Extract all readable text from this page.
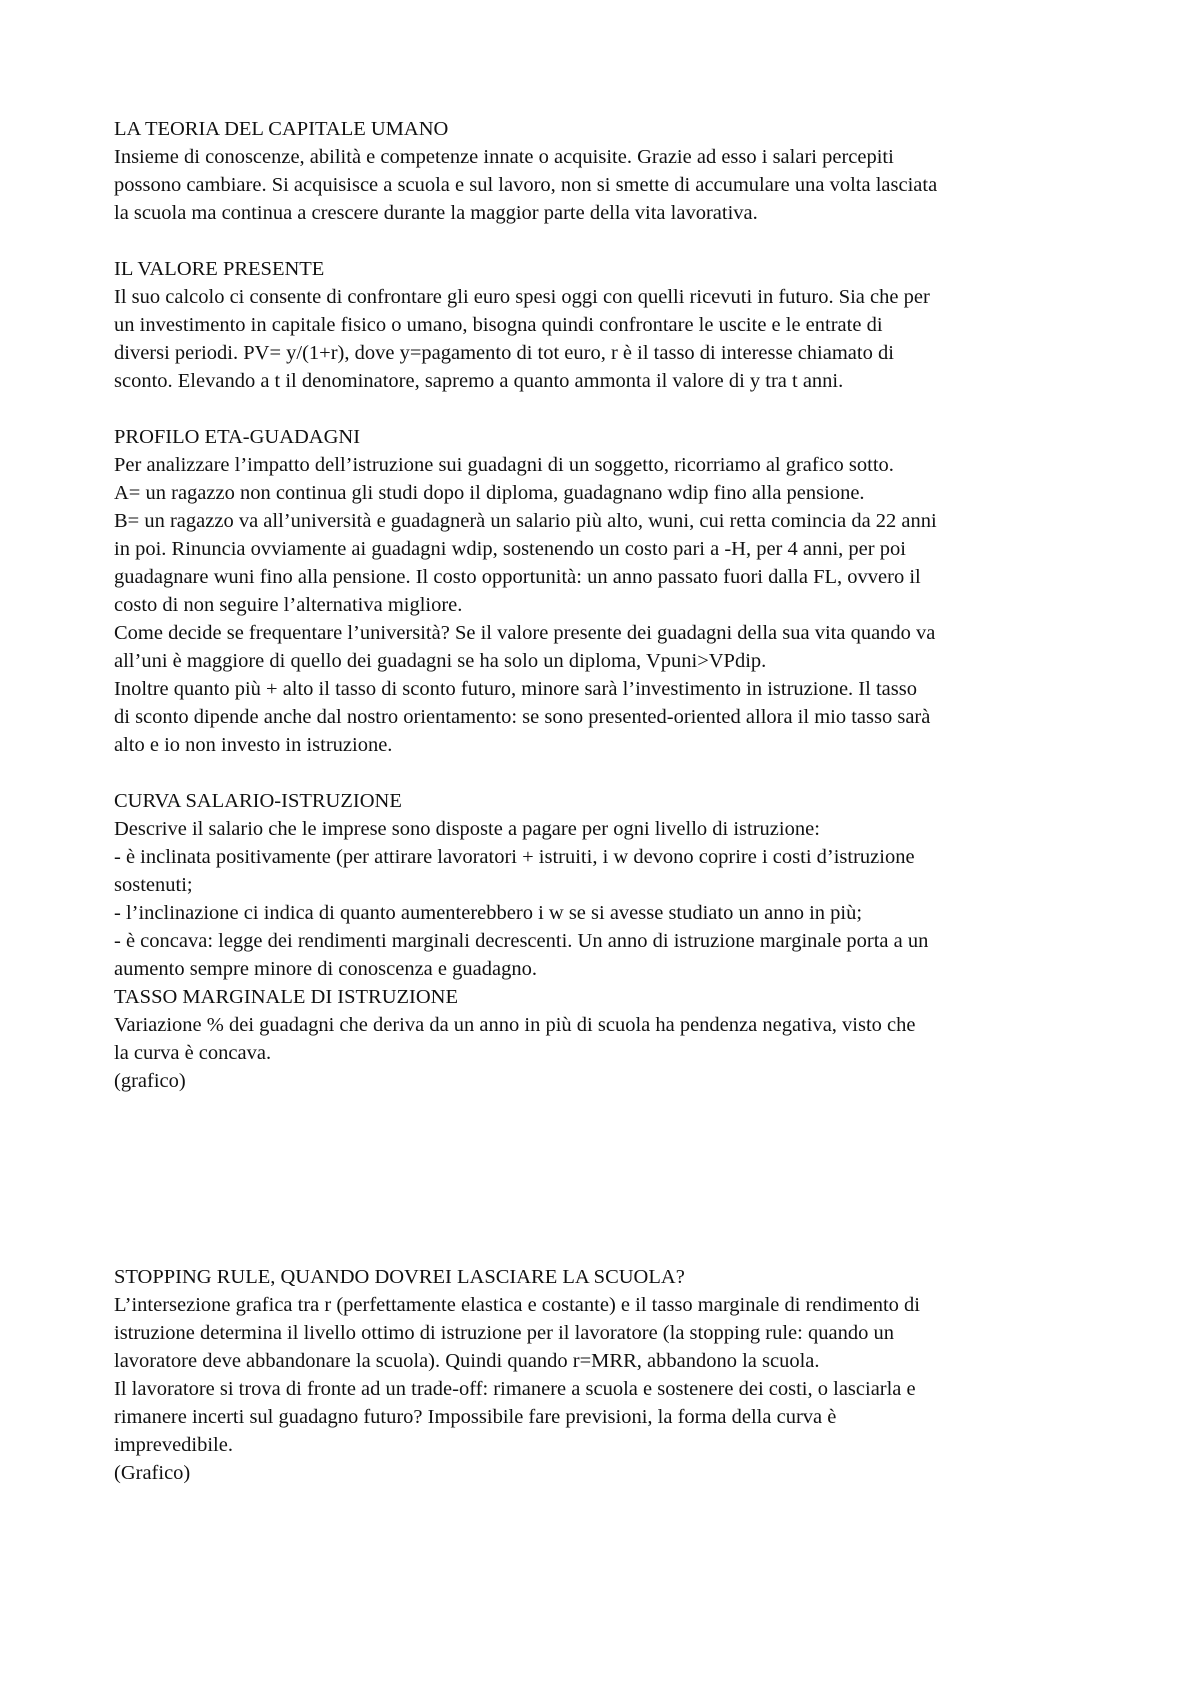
LA TEORIA DEL CAPITALE UMANO

Insieme di conoscenze, abilità e competenze innate o acquisite. Grazie ad esso i salari percepiti

possono cambiare. Si acquisisce a scuola e sul lavoro, non si smette di accumulare una volta lasciata

la scuola ma continua a crescere durante la maggior parte della vita lavorativa.

IL VALORE PRESENTE

Il suo calcolo ci consente di confrontare gli euro spesi oggi con quelli ricevuti in futuro. Sia che per

un investimento in capitale fisico o umano, bisogna quindi confrontare le uscite e le entrate di

diversi periodi. PV= y/(1+r), dove y=pagamento di tot euro, r è il tasso di interesse chiamato di

sconto. Elevando a t il denominatore, sapremo a quanto ammonta il valore di y tra t anni.

PROFILO ETA-GUADAGNI

Per analizzare l’impatto dell’istruzione sui guadagni di un soggetto, ricorriamo al grafico sotto.

A= un ragazzo non continua gli studi dopo il diploma, guadagnano wdip fino alla pensione.

B= un ragazzo va all’università e guadagnerà un salario più alto, wuni, cui retta comincia da 22 anni

in poi. Rinuncia ovviamente ai guadagni wdip, sostenendo un costo pari a -H, per 4 anni, per poi

guadagnare wuni fino alla pensione. Il costo opportunità: un anno passato fuori dalla FL, ovvero il

costo di non seguire l’alternativa migliore.

Come decide se frequentare l’università? Se il valore presente dei guadagni della sua vita quando va

all’uni è maggiore di quello dei guadagni se ha solo un diploma, Vpuni>VPdip.

Inoltre quanto più + alto il tasso di sconto futuro, minore sarà l’investimento in istruzione. Il tasso

di sconto dipende anche dal nostro orientamento: se sono presented-oriented allora il mio tasso sarà

alto e io non investo in istruzione.

CURVA SALARIO-ISTRUZIONE

Descrive il salario che le imprese sono disposte a pagare per ogni livello di istruzione:

- è inclinata positivamente (per attirare lavoratori + istruiti, i w devono coprire i costi d’istruzione

sostenuti;

- l’inclinazione ci indica di quanto aumenterebbero i w se si avesse studiato un anno in più;

- è concava: legge dei rendimenti marginali decrescenti. Un anno di istruzione marginale porta a un

aumento sempre minore di conoscenza e guadagno.

TASSO MARGINALE DI ISTRUZIONE

Variazione % dei guadagni che deriva da un anno in più di scuola ha pendenza negativa, visto che

la curva è concava.

(grafico)

STOPPING RULE, QUANDO DOVREI LASCIARE LA SCUOLA?

L’intersezione grafica tra r (perfettamente elastica e costante) e il tasso marginale di rendimento di

istruzione determina il livello ottimo di istruzione per il lavoratore (la stopping rule: quando un

lavoratore deve abbandonare la scuola). Quindi quando r=MRR, abbandono la scuola.

Il lavoratore si trova di fronte ad un trade-off: rimanere a scuola e sostenere dei costi, o lasciarla e

rimanere incerti sul guadagno futuro? Impossibile fare previsioni, la forma della curva è

imprevedibile.

(Grafico)
